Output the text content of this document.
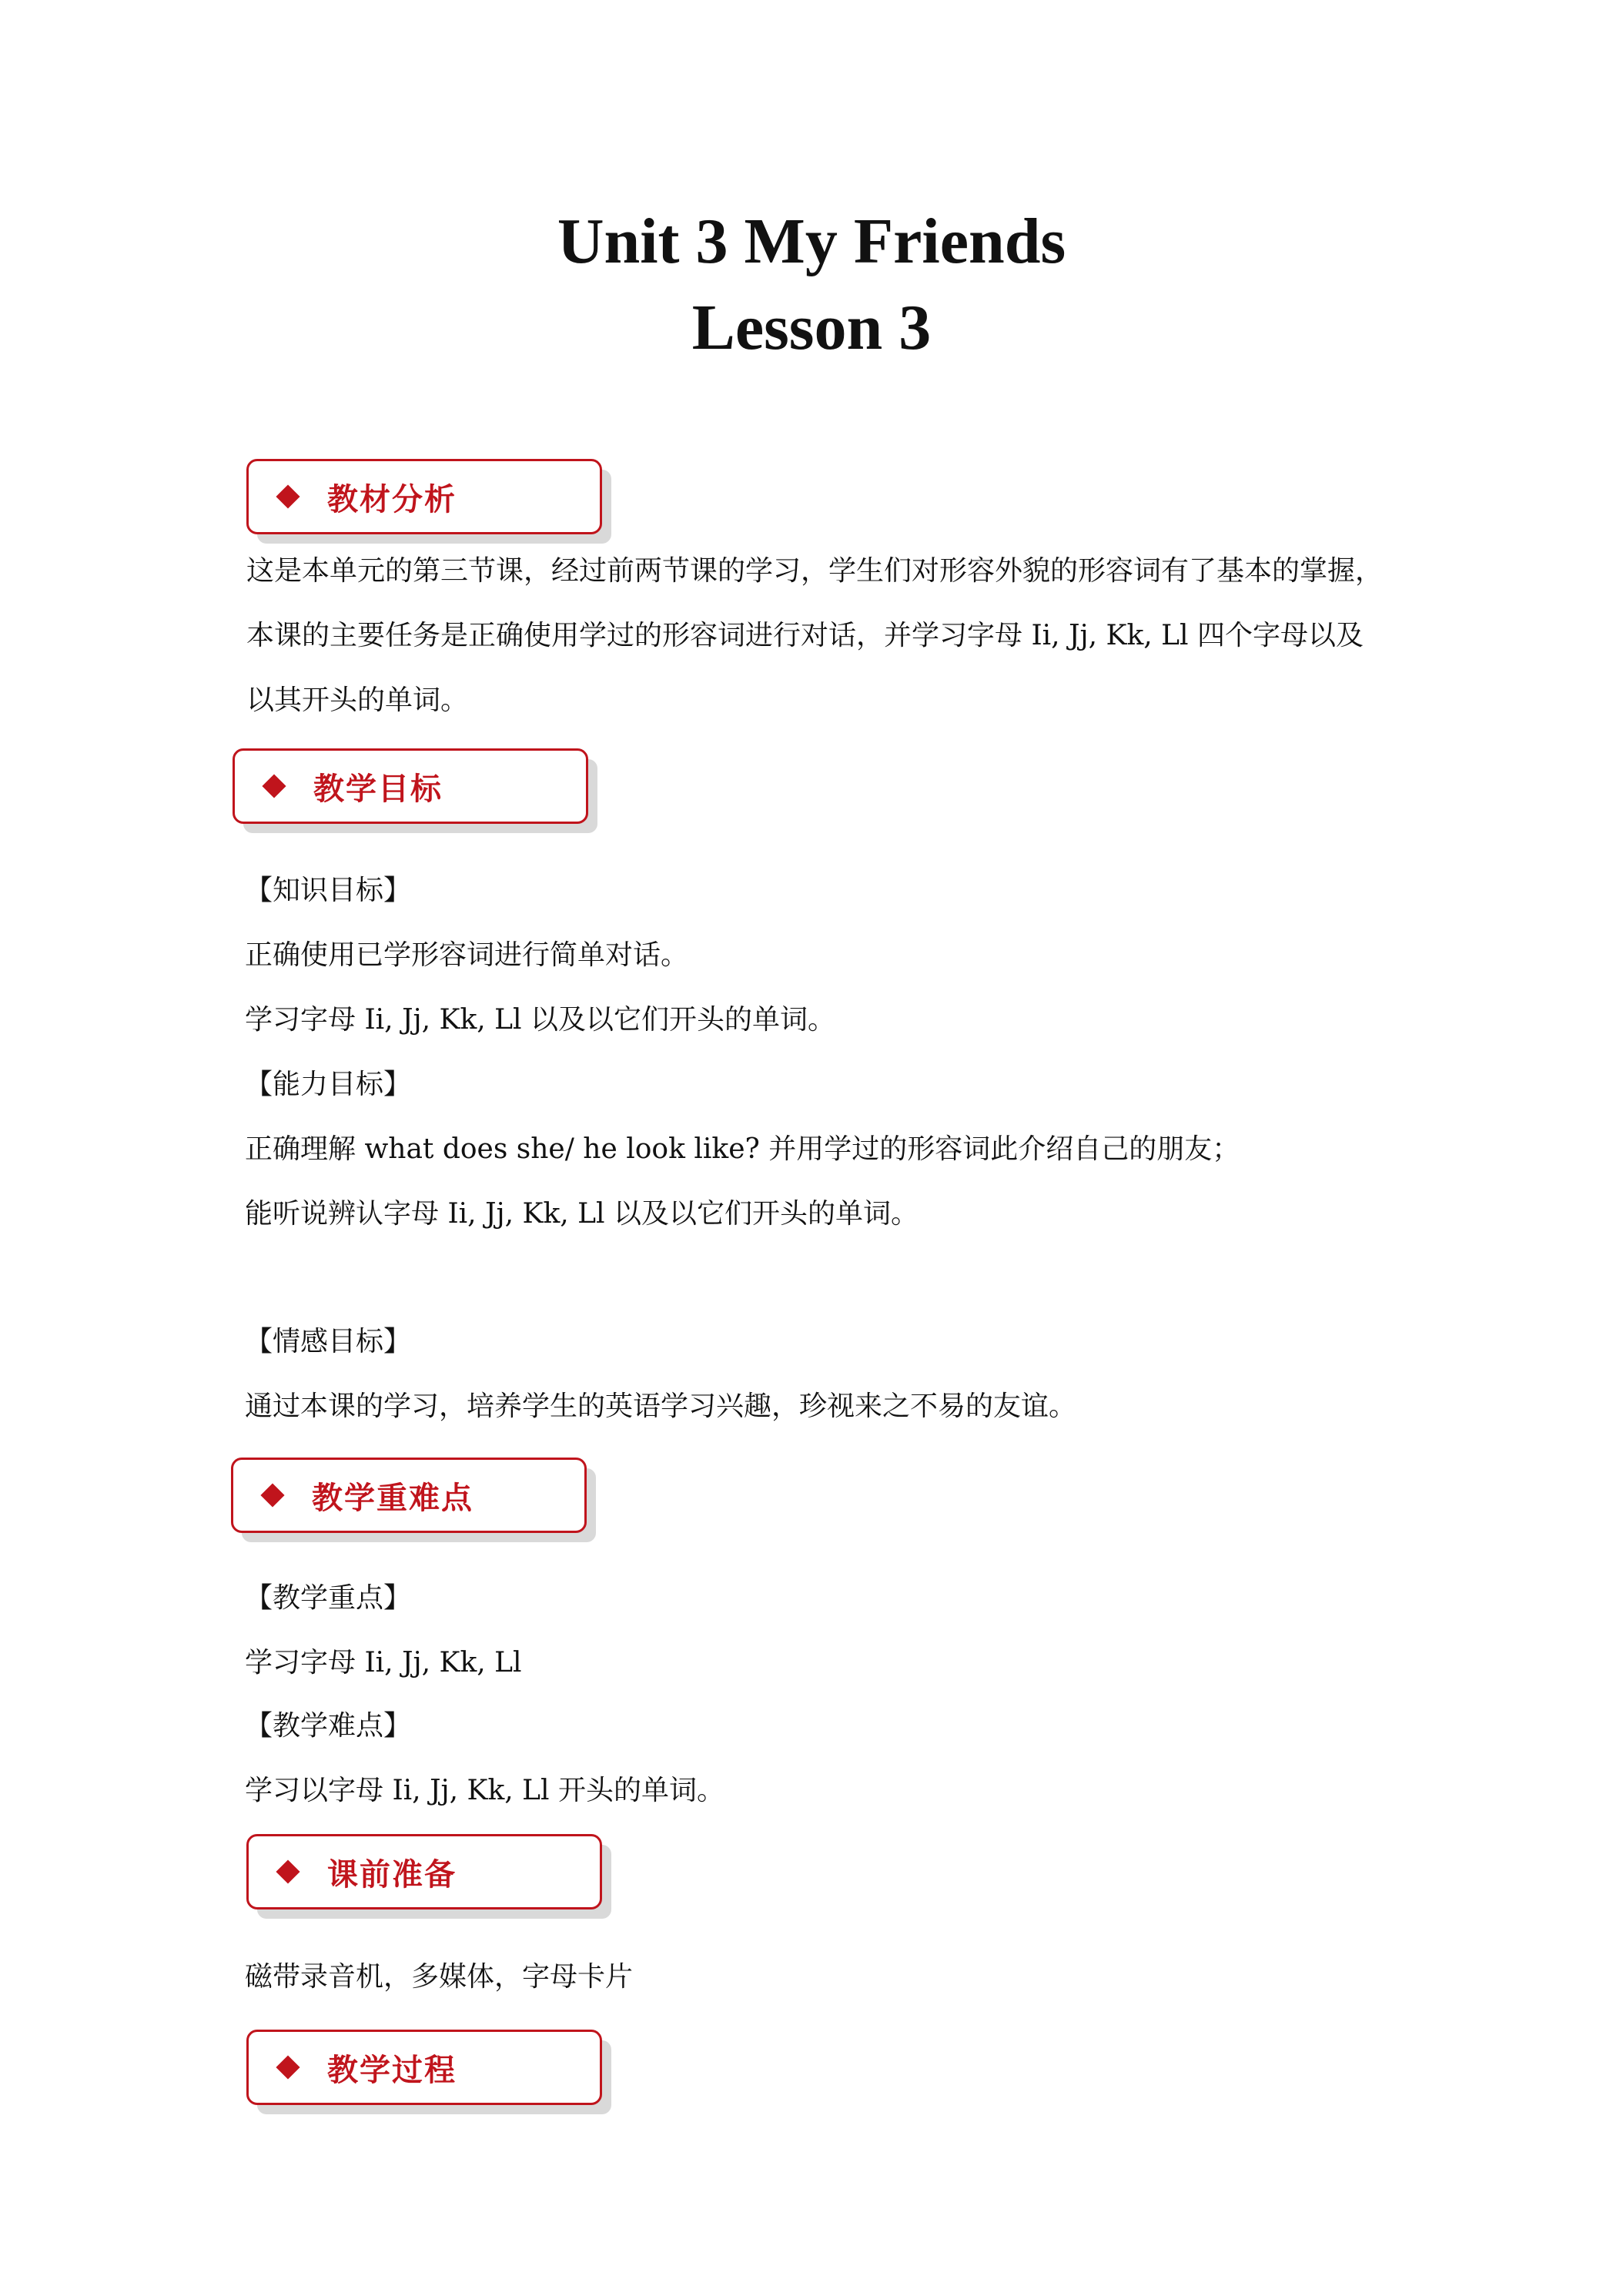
Unit 3 My Friends
Lesson 3
教材分析
这是本单元的第三节课，经过前两节课的学习，学生们对形容外貌的形容词有了基本的掌握，本课的主要任务是正确使用学过的形容词进行对话，并学习字母 Ii, Jj, Kk, Ll 四个字母以及以其开头的单词。
教学目标
【知识目标】
正确使用已学形容词进行简单对话。
学习字母 Ii, Jj, Kk, Ll 以及以它们开头的单词。
【能力目标】
正确理解 what does she/ he look like? 并用学过的形容词此介绍自己的朋友；
能听说辨认字母 Ii, Jj, Kk, Ll 以及以它们开头的单词。
【情感目标】
通过本课的学习，培养学生的英语学习兴趣，珍视来之不易的友谊。
教学重难点
【教学重点】
学习字母 Ii, Jj, Kk, Ll
【教学难点】
学习以字母 Ii, Jj, Kk, Ll 开头的单词。
课前准备
磁带录音机，多媒体，字母卡片
教学过程
